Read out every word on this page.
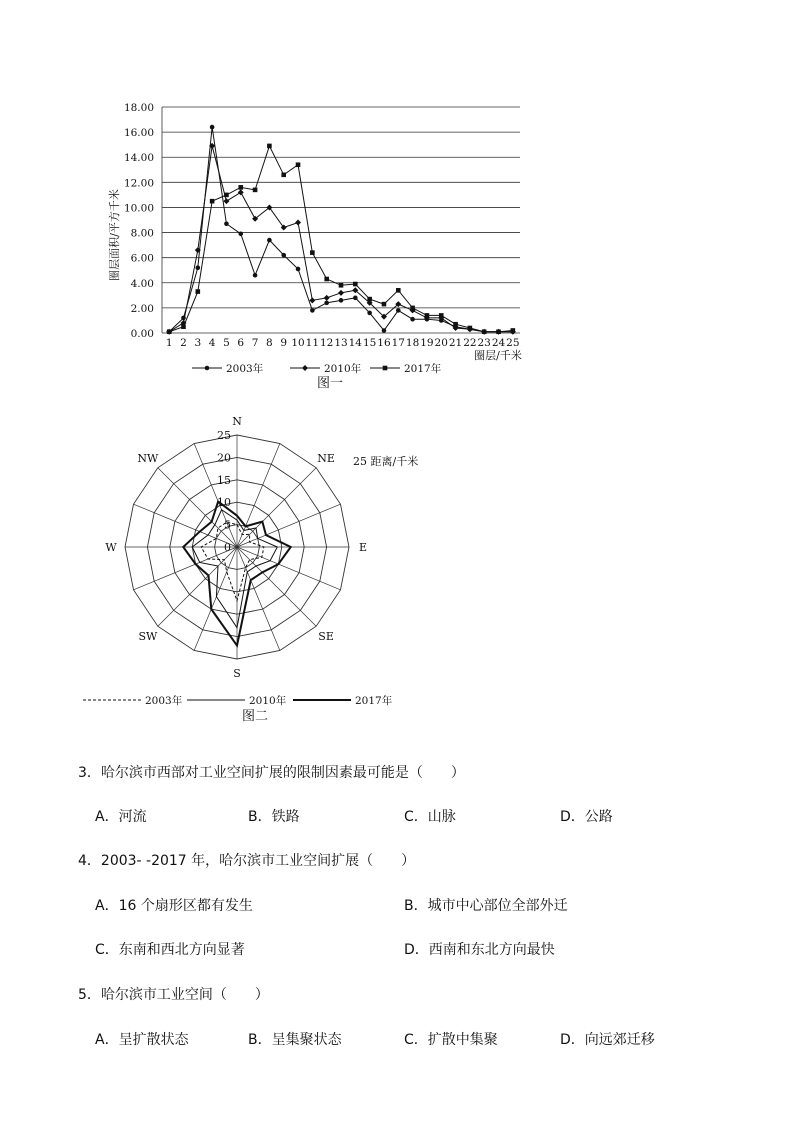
0.00
2.00
4.00
6.00
8.00
10.00
12.00
14.00
16.00
18.00
1 2 3 4 5 6 7 8 9 10 11 12 13 14 15 16 17 18 19 20 21 22 23 24 25
圈层面积/平方千米
圈层/千米
2003年	2010年	2017年
图一
0
5
10
15
20
25
N
NE
E
SE
S
SW
W
NW	25 距离/千米
2003年	2010年	2017年
图二
3．哈尔滨市西部对工业空间扩展的限制因素最可能是（　　）
A．河流	B．铁路	C．山脉	D．公路
4．2003- -2017 年，哈尔滨市工业空间扩展（　　）
A．16 个扇形区都有发生	B．城市中心部位全部外迁
C．东南和西北方向显著	D．西南和东北方向最快
5．哈尔滨市工业空间（　　）
A．呈扩散状态	B．呈集聚状态	C．扩散中集聚	D．向远郊迁移
